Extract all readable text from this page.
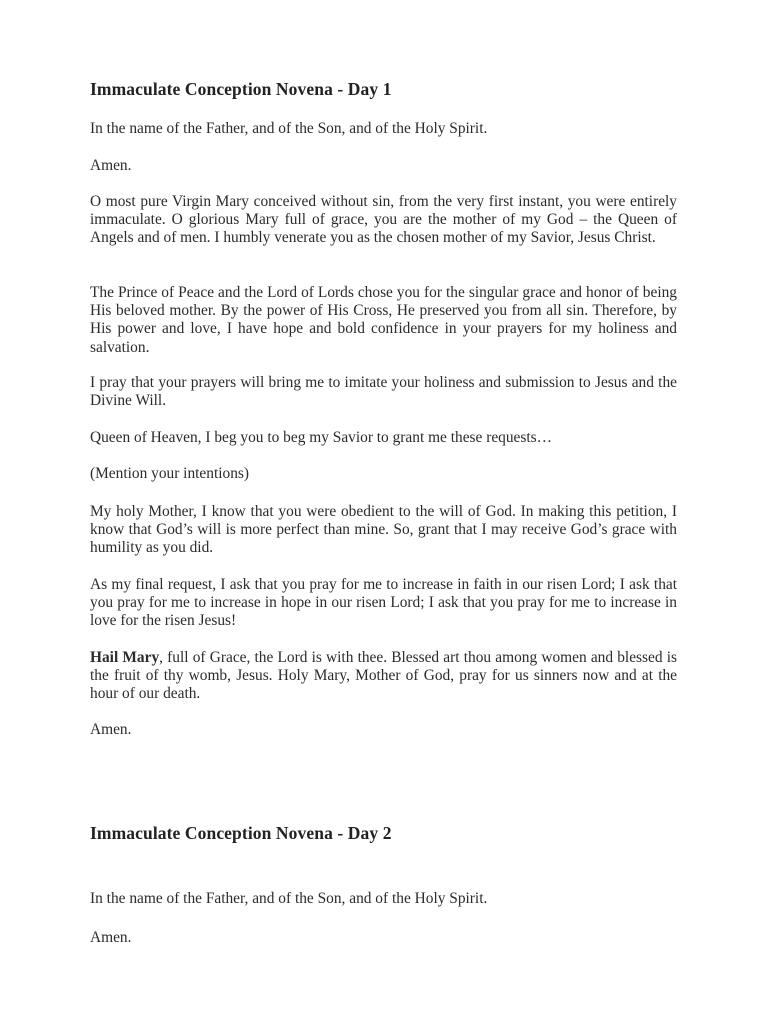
Immaculate Conception Novena - Day 1

In the name of the Father, and of the Son, and of the Holy Spirit.

Amen.

O most pure Virgin Mary conceived without sin, from the very first instant, you were entirely immaculate. O glorious Mary full of grace, you are the mother of my God – the Queen of Angels and of men. I humbly venerate you as the chosen mother of my Savior, Jesus Christ.

The Prince of Peace and the Lord of Lords chose you for the singular grace and honor of being His beloved mother. By the power of His Cross, He preserved you from all sin. Therefore, by His power and love, I have hope and bold confidence in your prayers for my holiness and salvation.

I pray that your prayers will bring me to imitate your holiness and submission to Jesus and the Divine Will.

Queen of Heaven, I beg you to beg my Savior to grant me these requests…

(Mention your intentions)

My holy Mother, I know that you were obedient to the will of God. In making this petition, I know that God’s will is more perfect than mine. So, grant that I may receive God’s grace with humility as you did.

As my final request, I ask that you pray for me to increase in faith in our risen Lord; I ask that you pray for me to increase in hope in our risen Lord; I ask that you pray for me to increase in love for the risen Jesus!

Hail Mary, full of Grace, the Lord is with thee. Blessed art thou among women and blessed is the fruit of thy womb, Jesus. Holy Mary, Mother of God, pray for us sinners now and at the hour of our death.

Amen.

Immaculate Conception Novena - Day 2

In the name of the Father, and of the Son, and of the Holy Spirit.

Amen.
